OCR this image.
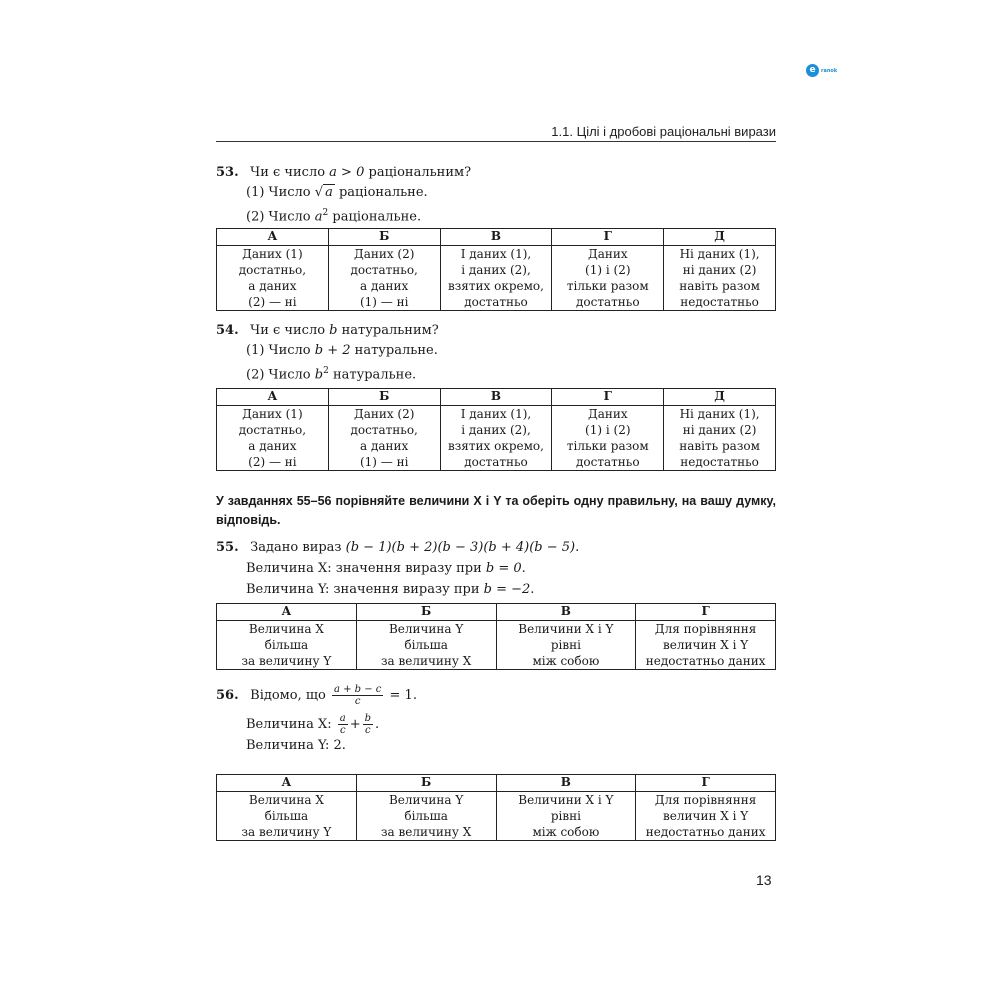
e	ranok
1.1. Цілі і дробові раціональні вирази
53. Чи є число a > 0 раціональним?
(1) Число √ a раціональне.
(2) Число $a^2$ раціональне.
А	Б	В	Г	Д
Даних (1)
достатньо,
а даних
(2) — ні	Даних (2)
достатньо,
а даних
(1) — ні	І даних (1),
і даних (2),
взятих окремо,
достатньо	Даних
(1) і (2)
тільки разом
достатньо	Ні даних (1),
ні даних (2)
навіть разом
недостатньо
54. Чи є число b натуральним?
(1) Число b + 2 натуральне.
(2) Число $b^2$ натуральне.
А	Б	В	Г	Д
Даних (1)
достатньо,
а даних
(2) — ні	Даних (2)
достатньо,
а даних
(1) — ні	І даних (1),
і даних (2),
взятих окремо,
достатньо	Даних
(1) і (2)
тільки разом
достатньо	Ні даних (1),
ні даних (2)
навіть разом
недостатньо
У завданнях 55–56 порівняйте величини X і Y та оберіть одну правильну, на вашу думку, відповідь.
55. Задано вираз (b − 1)(b + 2)(b − 3)(b + 4)(b − 5).
Величина X: значення виразу при b = 0.
Величина Y: значення виразу при b = −2.
А	Б	В	Г
Величина X
більша
за величину Y	Величина Y
більша
за величину X	Величини X і Y
рівні
між собою	Для порівняння
величин X і Y
недостатньо даних
56. Відомо, що $\frac{a + b - c}{c} = 1$.
Величина X: $\frac{a}{c} + \frac{b}{c}$ .
Величина Y: 2.
А	Б	В	Г
Величина X
більша
за величину Y	Величина Y
більша
за величину X	Величини X і Y
рівні
між собою	Для порівняння
величин X і Y
недостатньо даних
13
